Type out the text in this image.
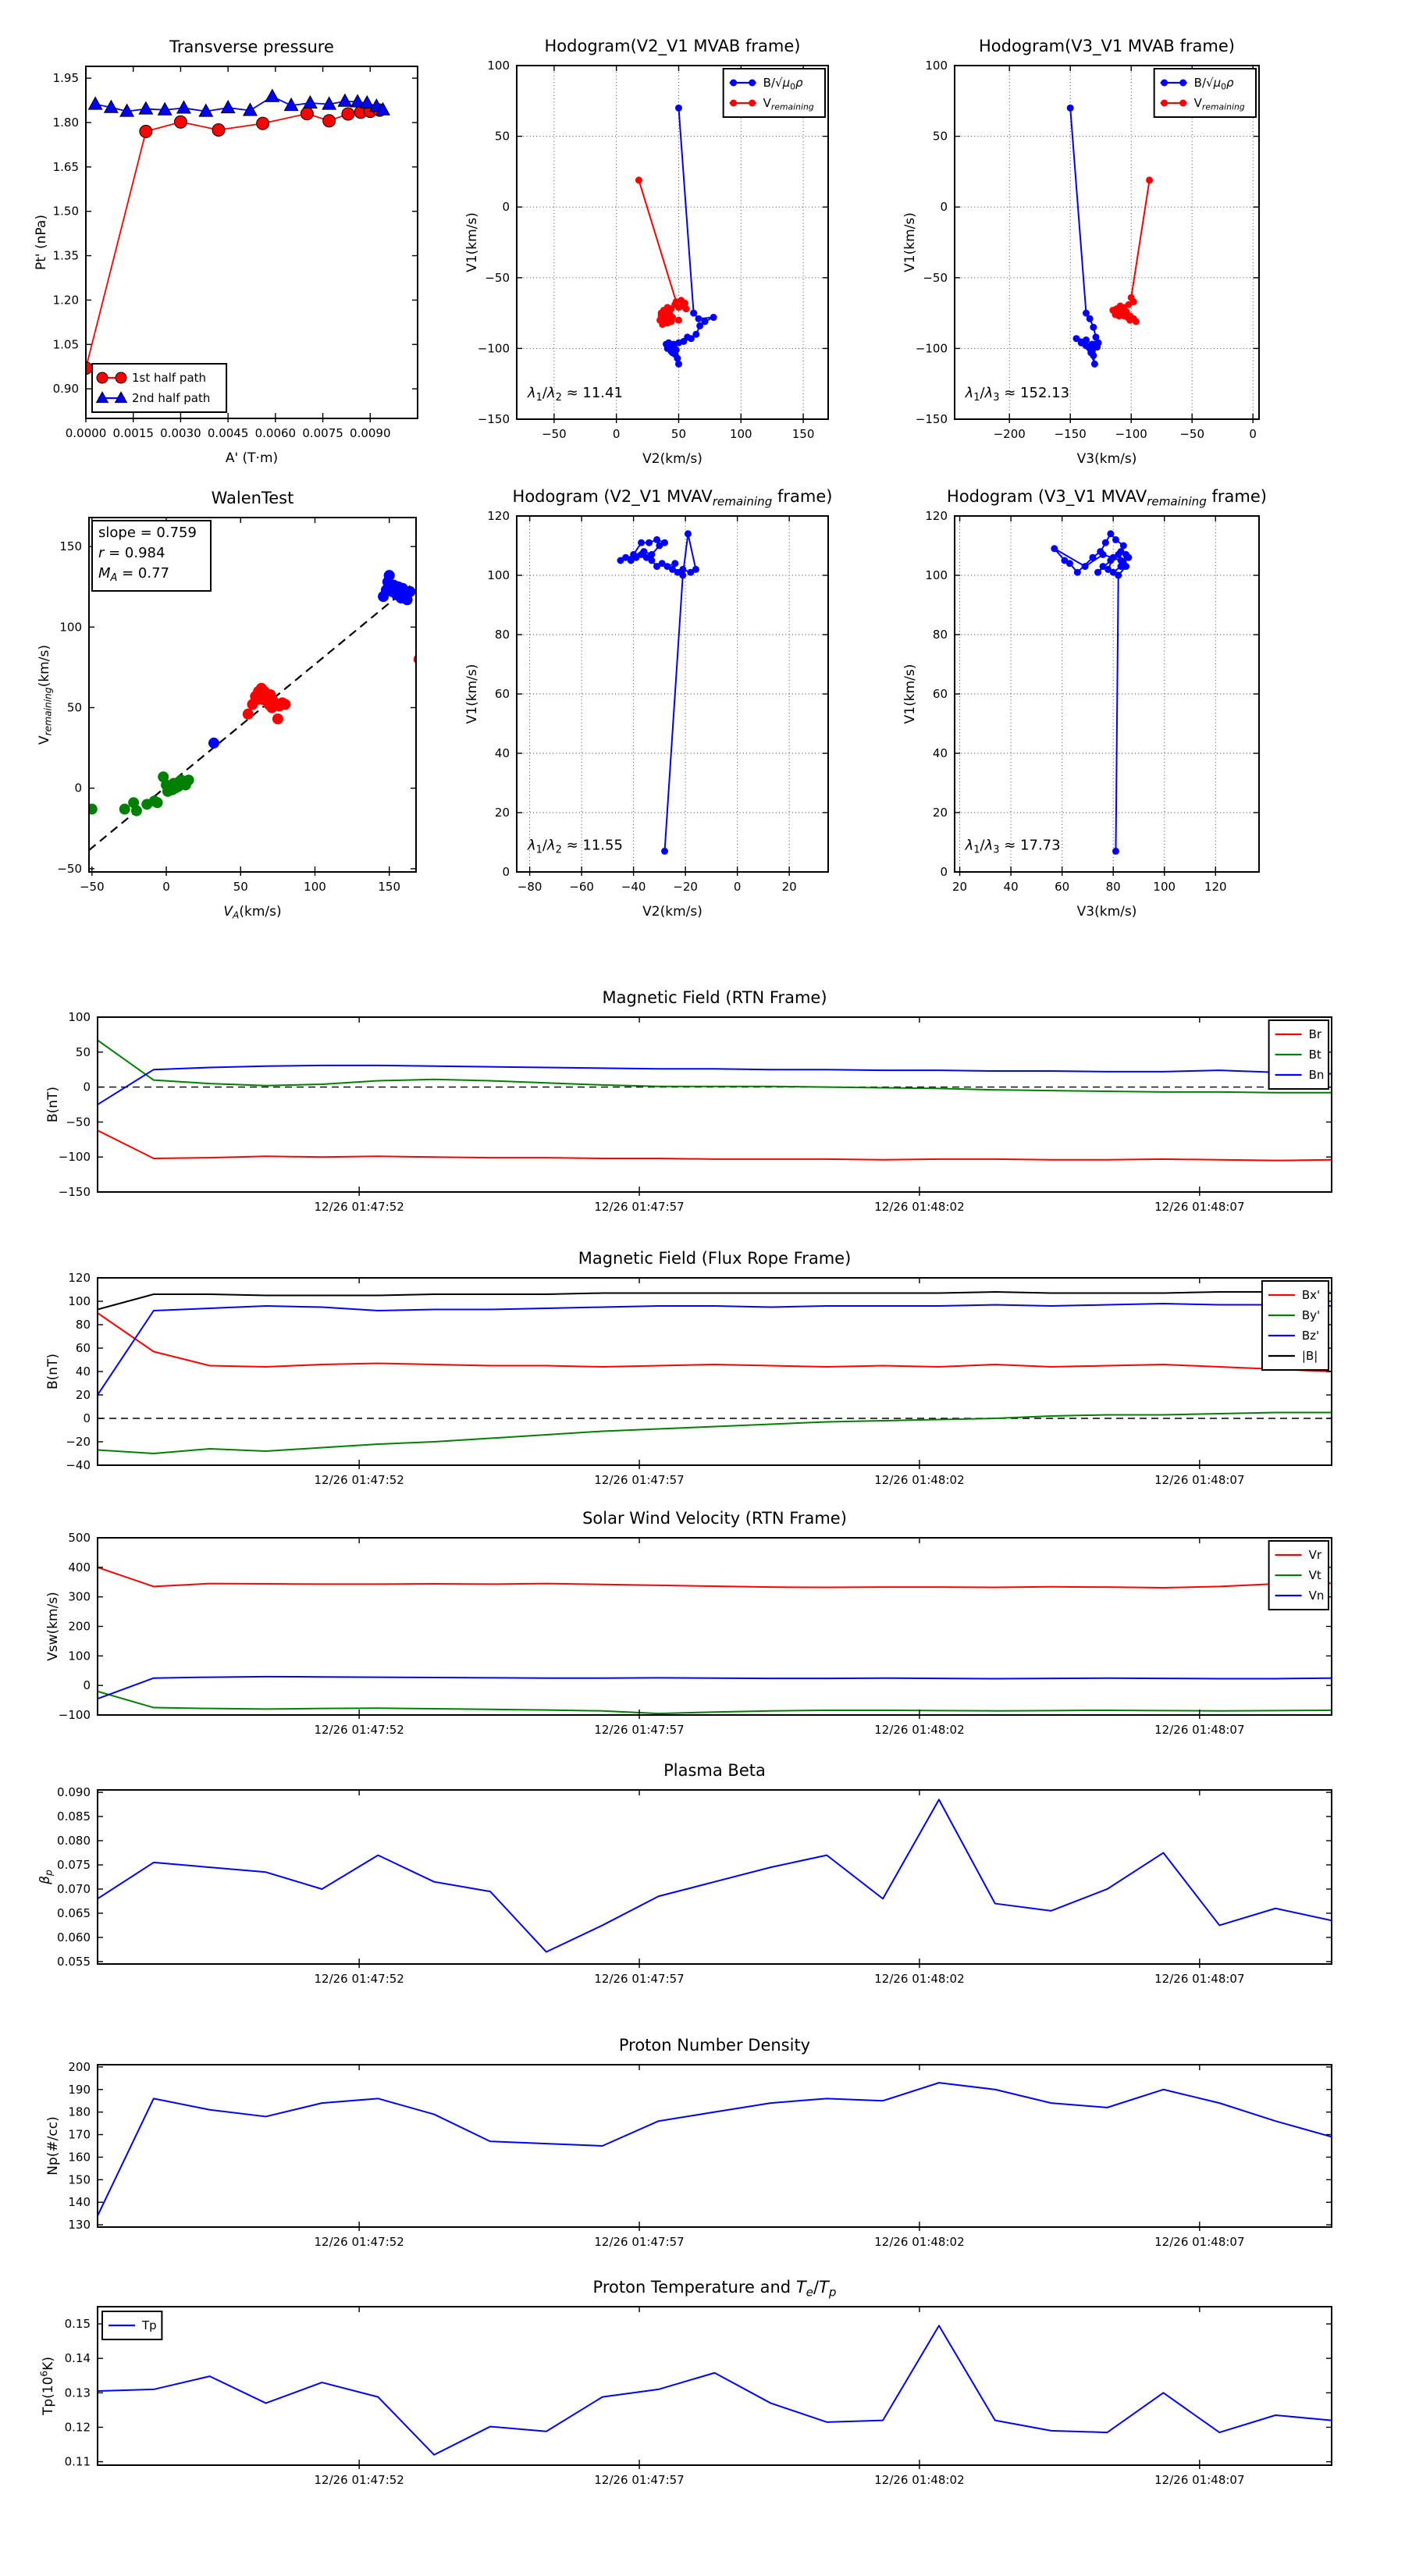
0.0000 0.0015 0.0030 0.0045 0.0060 0.0075 0.0090
0.90
1.05
1.20
1.35
1.50
1.65
1.80
1.95
Transverse pressure
A' (T·m)
Pt' (nPa)
1st half path
2nd half path
−50	0	50	100	150
100
50
0
−50
−100
−150
Hodogram(V2_V1 MVAB frame)
V2(km/s)
V1(km/s)
$B/√\mu_0\rho$
$V_{remaining}$
$\lambda_1/\lambda_2 \approx 11.41$
−200 −150 −100	−50	0
100
50
0
−50
−100
−150
Hodogram(V3_V1 MVAB frame)
V3(km/s)
V1(km/s)
$B/√\mu_0\rho$
$V_{remaining}$
$\lambda_1/\lambda_3 \approx 152.13$
−50	0	50	100	150
−50
0
50
100
150
WalenTest
$V_A(km/s)$
$V_{remaining}(km/s)$
slope = 0.759
r = 0.984
$M_A = 0.77$
−80 −60 −40 −20	0	20
0
20
40
60
80
100
120
Hodogram (V2_V1 $MVAV_{remaining}$ frame)
V2(km/s)
V1(km/s)
$\lambda_1/\lambda_2 \approx 11.55$
20	40	60	80	100 120
0
20
40
60
80
100
120
Hodogram (V3_V1 $MVAV_{remaining}$ frame)
V3(km/s)
V1(km/s)
$\lambda_1/\lambda_3 \approx 17.73$
12/26 01:47:52	12/26 01:47:57	12/26 01:48:02	12/26 01:48:07
100
50
0
−50
−100
−150
Magnetic Field (RTN Frame)
B(nT)
Br
Bt
Bn
12/26 01:47:52	12/26 01:47:57	12/26 01:48:02	12/26 01:48:07
120
100
80
60
40
20
0
−20
−40
Magnetic Field (Flux Rope Frame)
B(nT)
Bx'
By'
Bz'
|B|
12/26 01:47:52	12/26 01:47:57	12/26 01:48:02	12/26 01:48:07
500
400
300
200
100
0
−100
Solar Wind Velocity (RTN Frame)
Vsw(km/s)
Vr
Vt
Vn
12/26 01:47:52	12/26 01:47:57	12/26 01:48:02	12/26 01:48:07
0.090
0.085
0.080
0.075
0.070
0.065
0.060
0.055
Plasma Beta
$\beta_p$
12/26 01:47:52	12/26 01:47:57	12/26 01:48:02	12/26 01:48:07
200
190
180
170
160
150
140
130
Proton Number Density
Np(#/cc)
12/26 01:47:52	12/26 01:47:57	12/26 01:48:02	12/26 01:48:07
0.15
0.14
0.13
0.12
0.11
Proton Temperature and $T_e/T_p$
$Tp(10^6K)$
Tp
